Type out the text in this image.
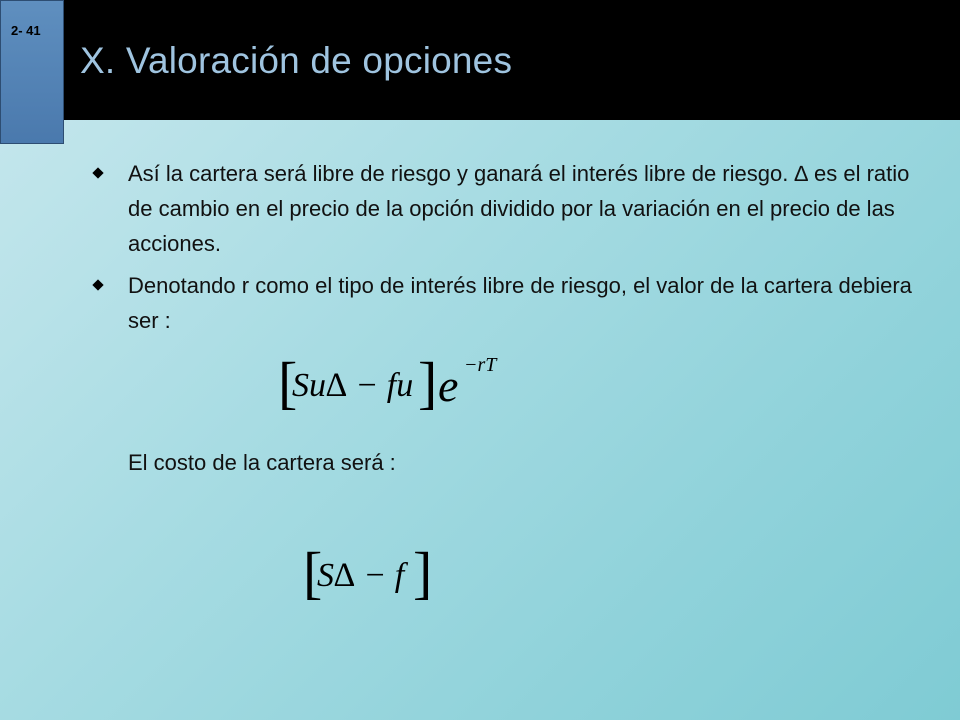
2- 41
X. Valoración de opciones
Así la cartera será libre de riesgo y ganará el interés libre de riesgo. ∆ es el ratio de cambio en el precio de la opción dividido por la variación en el precio de las acciones.
Denotando r como el tipo de interés libre de riesgo, el valor de la cartera debiera ser :
[
Su∆ − fu ] e −rT
El costo de la cartera será :
[
S∆ − f ]
